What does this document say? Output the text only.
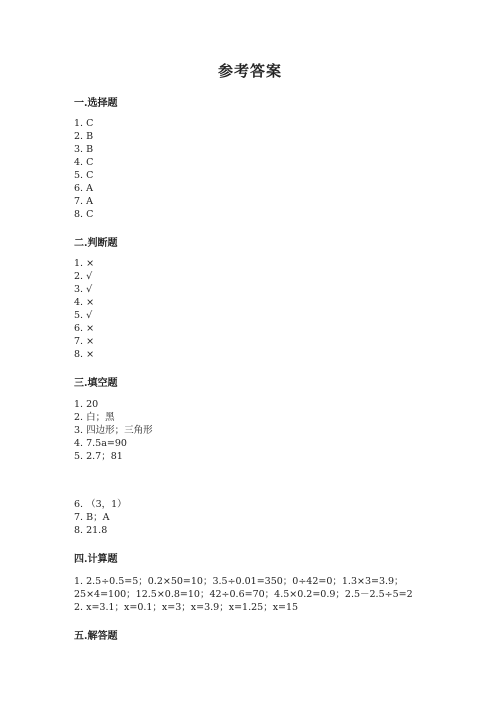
参考答案
一.选择题
1. C
2. B
3. B
4. C
5. C
6. A
7. A
8. C
二.判断题
1. ×
2. √
3. √
4. ×
5. √
6. ×
7. ×
8. ×
三.填空题
1. 20
2. 白；黑
3. 四边形；三角形
4. 7.5a=90
5. 2.7；81
6. （3，1）
7. B；A
8. 21.8
四.计算题
1. 2.5÷0.5=5；0.2×50=10；3.5÷0.01=350；0÷42=0；1.3×3=3.9；
25×4=100；12.5×0.8=10；42÷0.6=70；4.5×0.2=0.9；2.5－2.5÷5=2
2. x=3.1；x=0.1；x=3；x=3.9；x=1.25；x=15
五.解答题
